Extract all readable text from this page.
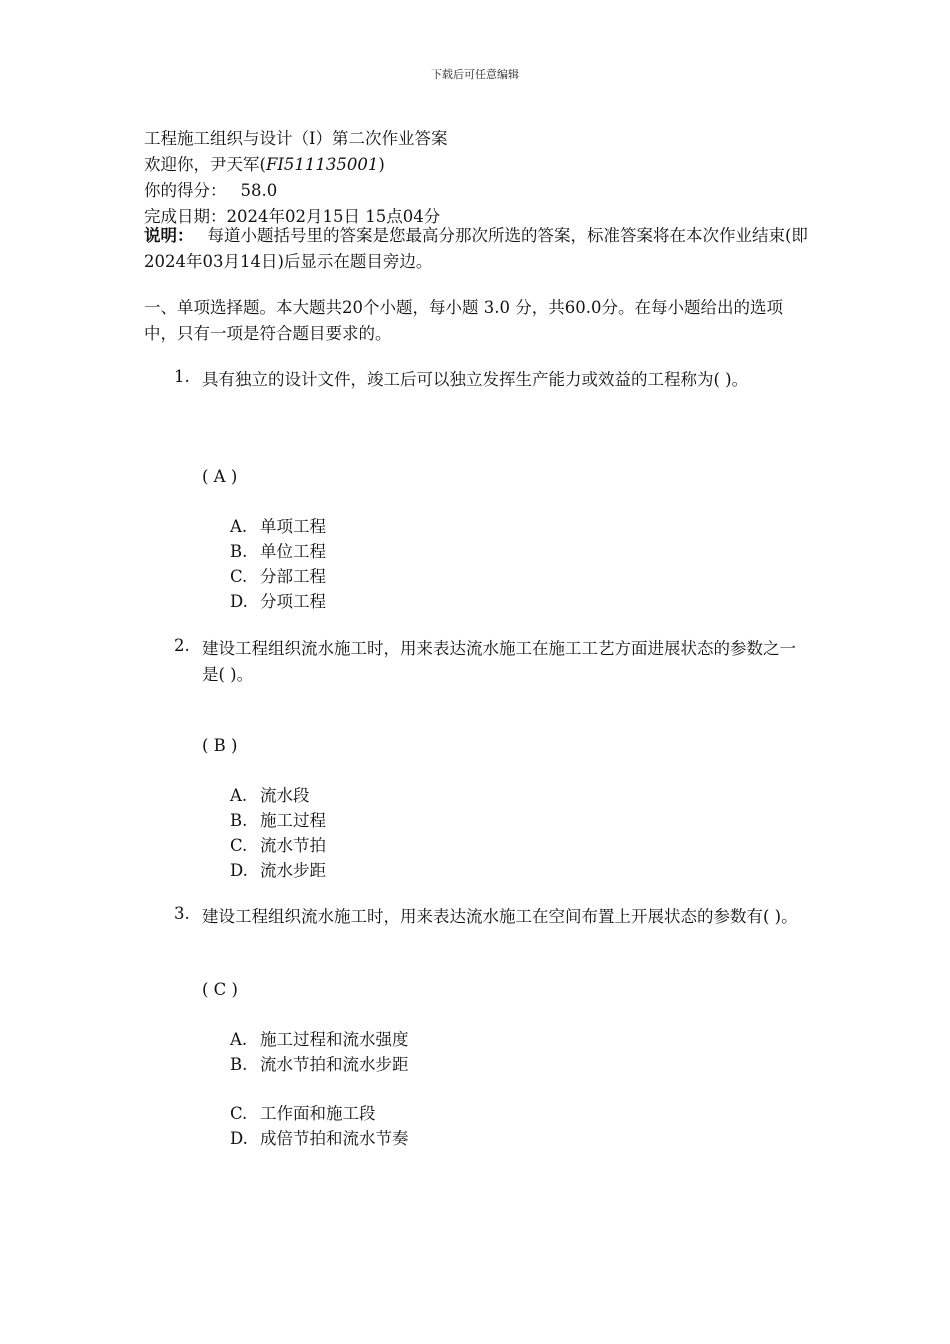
下载后可任意编辑
工程施工组织与设计（I）第二次作业答案
欢迎你，尹天军(FI511135001)
你的得分： 58.0
完成日期：2024年02月15日 15点04分
说明： 每道小题括号里的答案是您最高分那次所选的答案，标准答案将在本次作业结束(即2024年03月14日)后显示在题目旁边。
一、单项选择题。本大题共20个小题，每小题 3.0 分，共60.0分。在每小题给出的选项中，只有一项是符合题目要求的。
1. 具有独立的设计文件，竣工后可以独立发挥生产能力或效益的工程称为( )。
( A )
A. 单项工程
B. 单位工程
C. 分部工程
D. 分项工程
2. 建设工程组织流水施工时，用来表达流水施工在施工工艺方面进展状态的参数之一是( )。
( B )
A. 流水段
B. 施工过程
C. 流水节拍
D. 流水步距
3. 建设工程组织流水施工时，用来表达流水施工在空间布置上开展状态的参数有( )。
( C )
A. 施工过程和流水强度
B. 流水节拍和流水步距
C. 工作面和施工段
D. 成倍节拍和流水节奏
